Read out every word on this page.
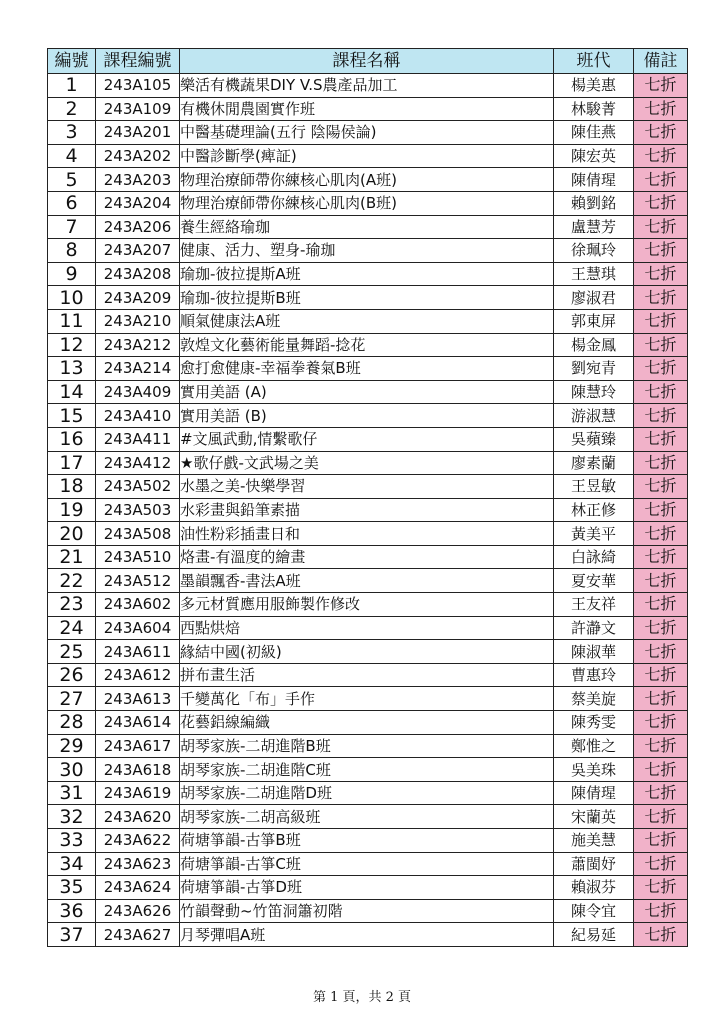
編號	課程編號	課程名稱	班代	備註
1	243A105	樂活有機蔬果DIY V.S農產品加工	楊美惠	七折
2	243A109	有機休閒農園實作班	林駿菁	七折
3	243A201	中醫基礎理論(五行 陰陽侯論)	陳佳燕	七折
4	243A202	中醫診斷學(痺証)	陳宏英	七折
5	243A203	物理治療師帶你練核心肌肉(A班)	陳倩瑆	七折
6	243A204	物理治療師帶你練核心肌肉(B班)	賴劉銘	七折
7	243A206	養生經絡瑜珈	盧慧芳	七折
8	243A207	健康、活力、塑身-瑜珈	徐珮玲	七折
9	243A208	瑜珈-彼拉提斯A班	王慧琪	七折
10	243A209	瑜珈-彼拉提斯B班	廖淑君	七折
11	243A210	順氣健康法A班	郭東屏	七折
12	243A212	敦煌文化藝術能量舞蹈-捻花	楊金鳳	七折
13	243A214	愈打愈健康-幸福拳養氣B班	劉宛青	七折
14	243A409	實用美語 (A)	陳慧玲	七折
15	243A410	實用美語 (B)	游淑慧	七折
16	243A411	#文風武動,情繫歌仔	吳蘋臻	七折
17	243A412	★歌仔戲-文武場之美	廖素蘭	七折
18	243A502	水墨之美-快樂學習	王昱敏	七折
19	243A503	水彩畫與鉛筆素描	林正修	七折
20	243A508	油性粉彩插畫日和	黃美平	七折
21	243A510	烙畫-有溫度的繪畫	白詠綺	七折
22	243A512	墨韻飄香-書法A班	夏安華	七折
23	243A602	多元材質應用服飾製作修改	王友祥	七折
24	243A604	西點烘焙	許瀞文	七折
25	243A611	緣結中國(初級)	陳淑華	七折
26	243A612	拼布畫生活	曹惠玲	七折
27	243A613	千變萬化「布」手作	蔡美旋	七折
28	243A614	花藝鋁線編織	陳秀雯	七折
29	243A617	胡琴家族-二胡進階B班	鄭惟之	七折
30	243A618	胡琴家族-二胡進階C班	吳美珠	七折
31	243A619	胡琴家族-二胡進階D班	陳倩瑆	七折
32	243A620	胡琴家族-二胡高級班	宋蘭英	七折
33	243A622	荷塘箏韻-古箏B班	施美慧	七折
34	243A623	荷塘箏韻-古箏C班	蕭閩妤	七折
35	243A624	荷塘箏韻-古箏D班	賴淑芬	七折
36	243A626	竹韻聲動~竹笛洞簫初階	陳令宜	七折
37	243A627	月琴彈唱A班	紀易延	七折
第 1 頁，共 2 頁
